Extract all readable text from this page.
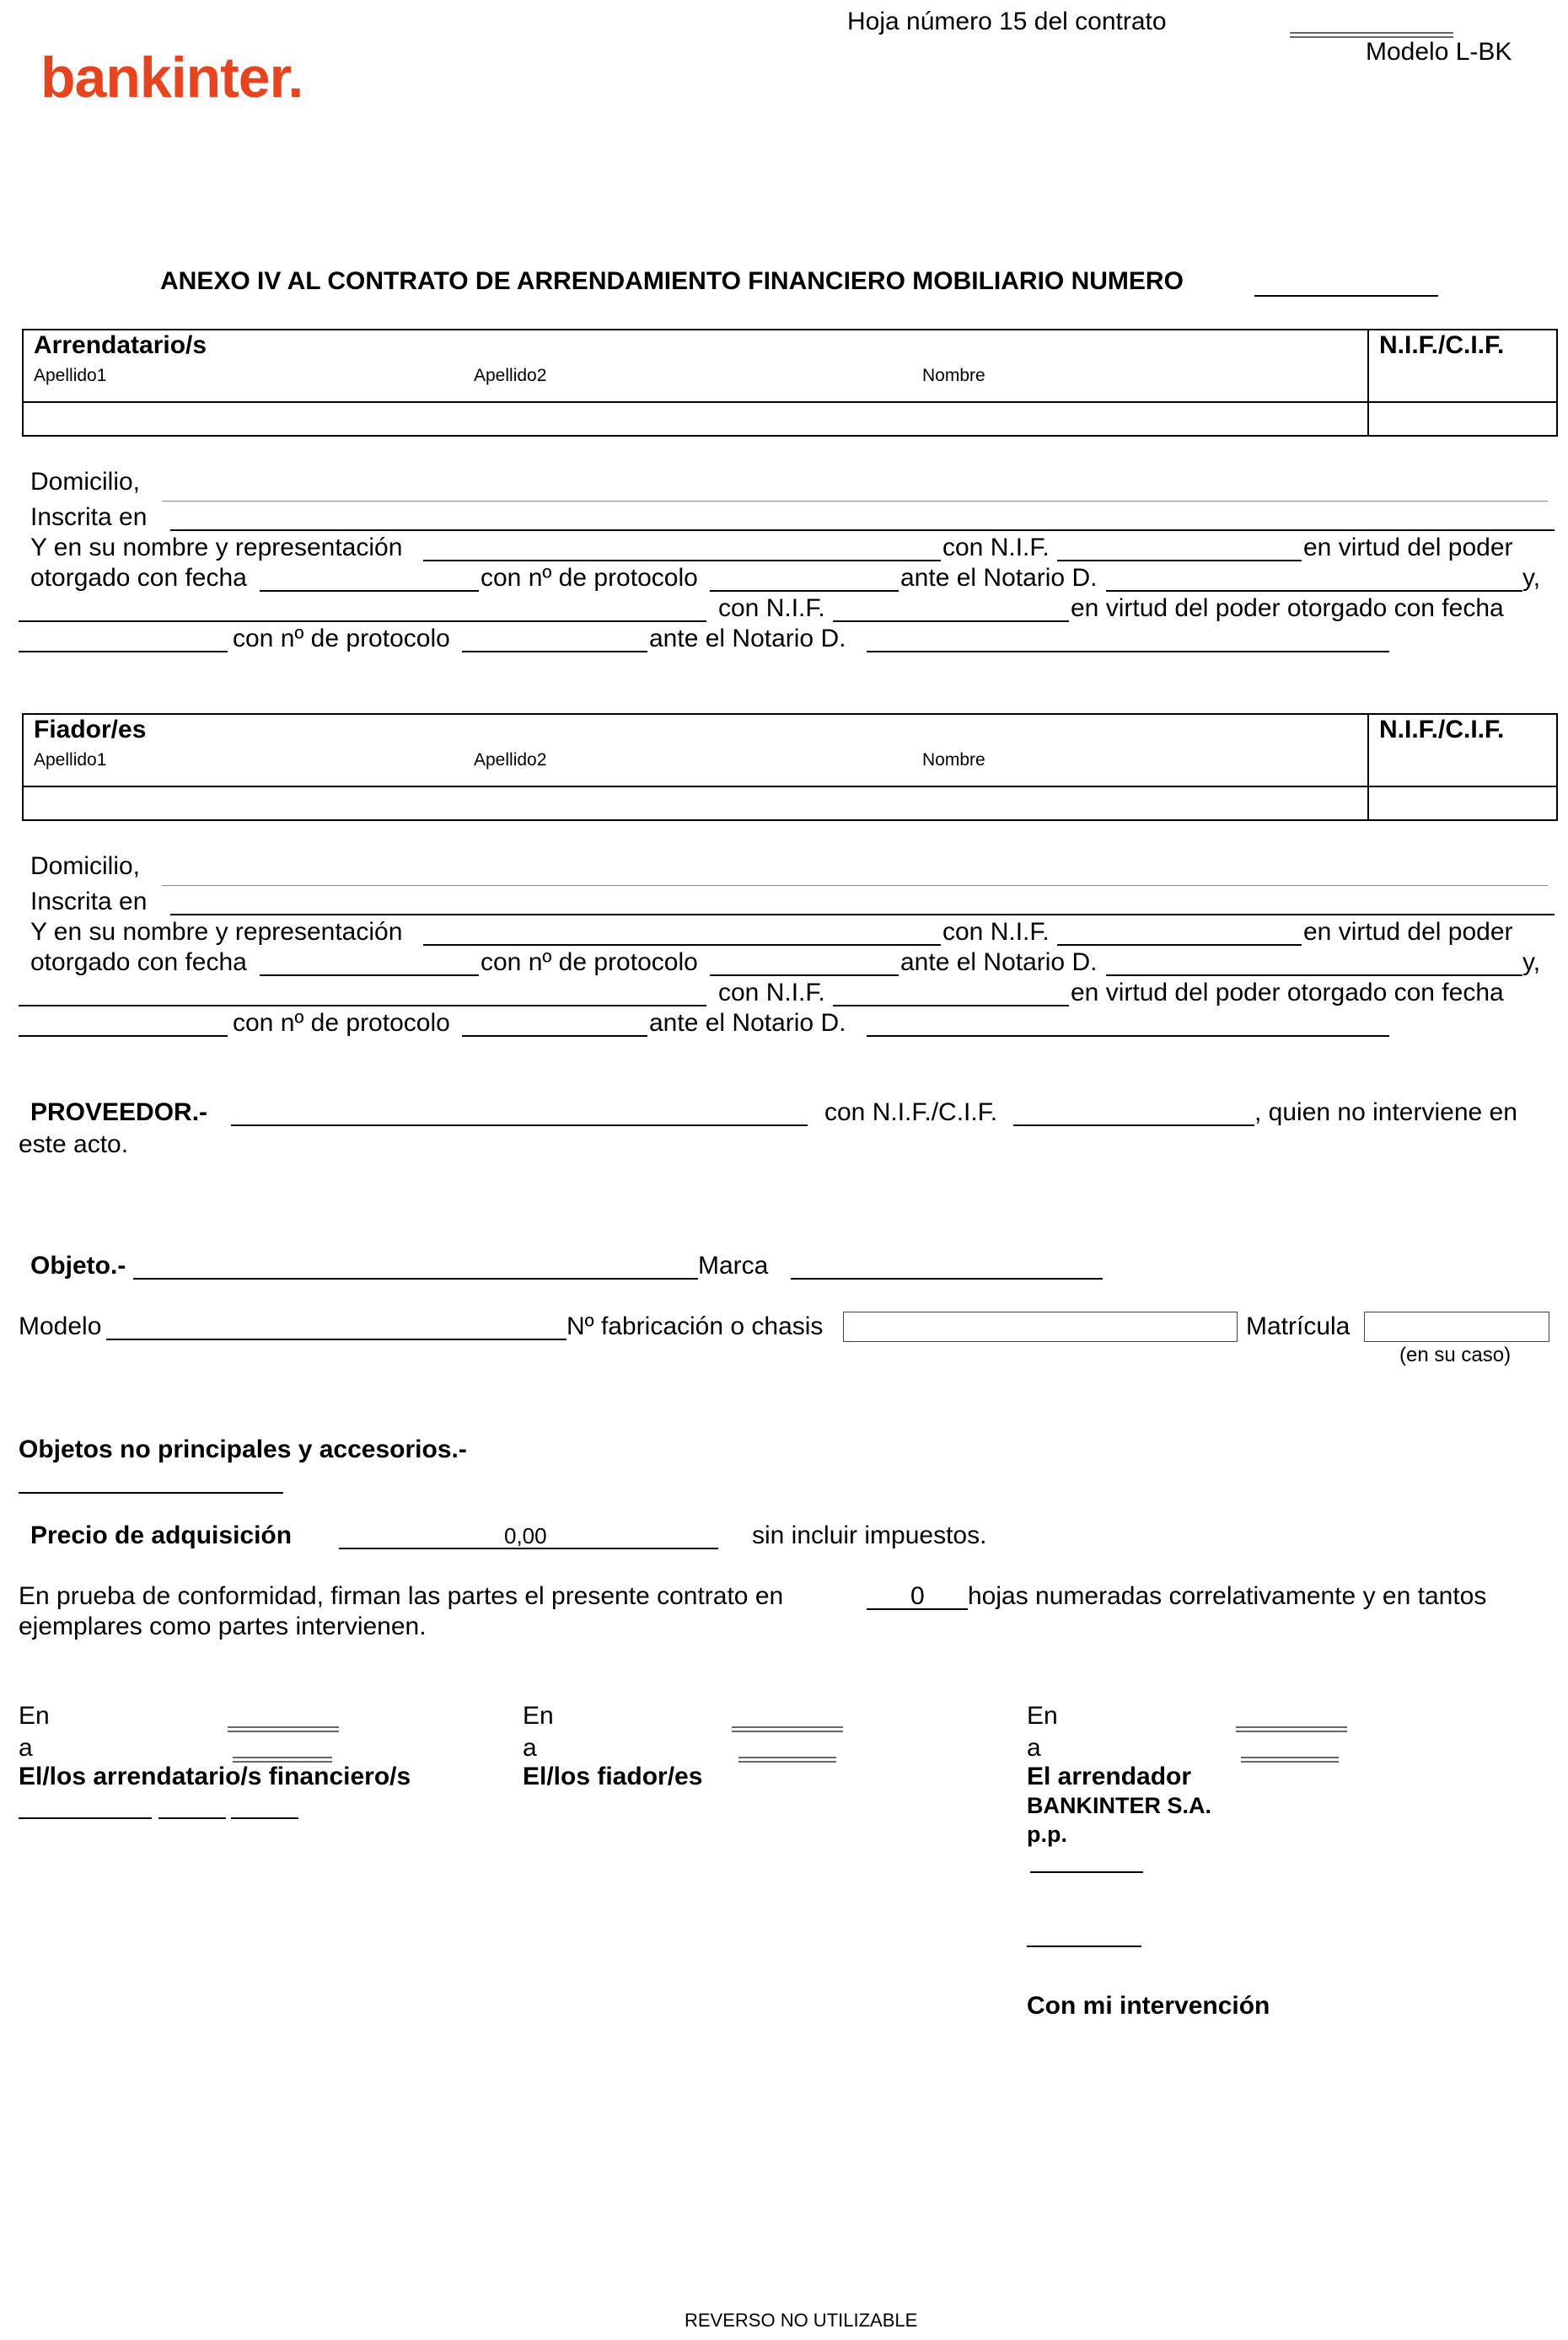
bankinter.
Hoja número 15 del contrato
Modelo L-BK
ANEXO IV AL CONTRATO DE ARRENDAMIENTO FINANCIERO MOBILIARIO NUMERO
Arrendatario/s	N.I.F./C.I.F.
Apellido1	Apellido2	Nombre
Domicilio,
Inscrita en
Y en su nombre y representación	con N.I.F.	en virtud del poder
otorgado con fecha	con nº de protocolo	ante el Notario D.	y,
con N.I.F.	en virtud del poder otorgado con fecha
con nº de protocolo	ante el Notario D.
Fiador/es	N.I.F./C.I.F.
Apellido1	Apellido2	Nombre
Domicilio,
Inscrita en
Y en su nombre y representación	con N.I.F.	en virtud del poder
otorgado con fecha	con nº de protocolo	ante el Notario D.	y,
con N.I.F.	en virtud del poder otorgado con fecha
con nº de protocolo	ante el Notario D.
PROVEEDOR.-	con N.I.F./C.I.F.	, quien no interviene en
este acto.
Objeto.-	Marca
Modelo	Nº fabricación o chasis	Matrícula
(en su caso)
Objetos no principales y accesorios.-
Precio de adquisición	0,00	sin incluir impuestos.
En prueba de conformidad, firman las partes el presente contrato en	0 hojas numeradas correlativamente y en tantos
ejemplares como partes intervienen.
En
a
El/los arrendatario/s financiero/s
En
a
El/los fiador/es
En
a
El arrendador
BANKINTER S.A.
p.p.
Con mi intervención
REVERSO NO UTILIZABLE
